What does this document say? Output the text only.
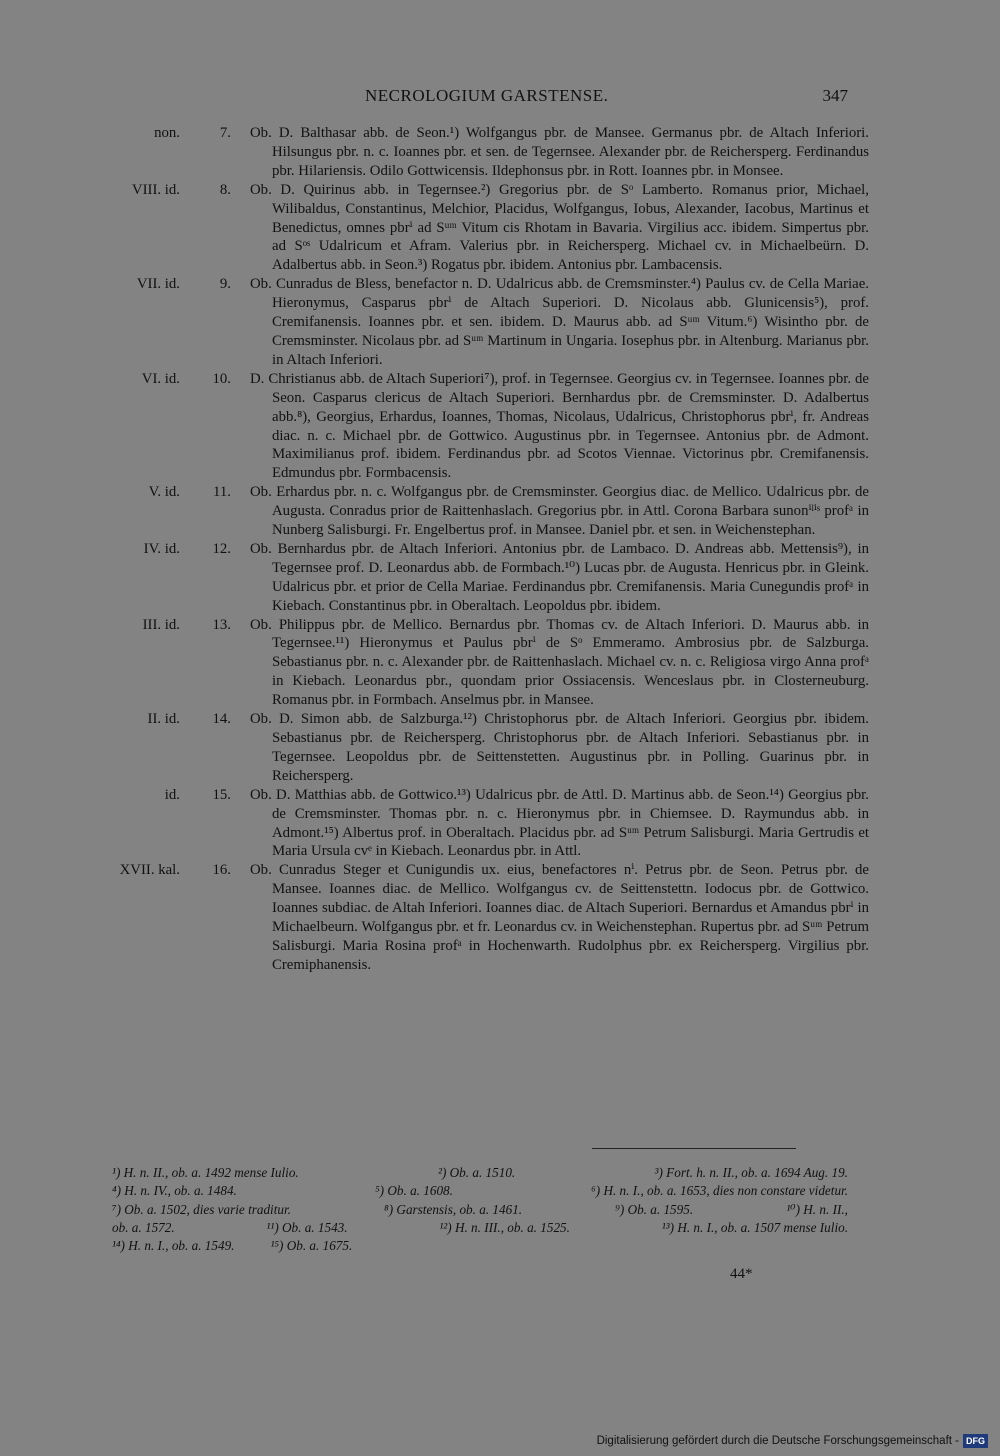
NECROLOGIUM GARSTENSE.	347
non.	7. Ob. D. Balthasar abb. de Seon.¹) Wolfgangus pbr. de Mansee. Germanus pbr. de Altach Inferiori. Hilsungus pbr. n. c. Ioannes pbr. et sen. de Tegernsee. Alexander pbr. de Reichersperg. Ferdinandus pbr. Hilariensis. Odilo Gottwicensis. Ildephonsus pbr. in Rott. Ioannes pbr. in Monsee.
VIII. id.	8. Ob. D. Quirinus abb. in Tegernsee.²) Gregorius pbr. de Sᵒ Lamberto. Romanus prior, Michael, Wilibaldus, Constantinus, Melchior, Placidus, Wolfgangus, Iobus, Alexander, Iacobus, Martinus et Benedictus, omnes pbrⁱ ad Sᵘᵐ Vitum cis Rhotam in Bavaria. Virgilius acc. ibidem. Simpertus pbr. ad Sᵒˢ Udalricum et Afram. Valerius pbr. in Reichersperg. Michael cv. in Michaelbeürn. D. Adalbertus abb. in Seon.³) Rogatus pbr. ibidem. Antonius pbr. Lambacensis.
VII. id.	9. Ob. Cunradus de Bless, benefactor n. D. Udalricus abb. de Cremsminster.⁴) Paulus cv. de Cella Mariae. Hieronymus, Casparus pbrⁱ de Altach Superiori. D. Nicolaus abb. Glunicensis⁵), prof. Cremifanensis. Ioannes pbr. et sen. ibidem. D. Maurus abb. ad Sᵘᵐ Vitum.⁶) Wisintho pbr. de Cremsminster. Nicolaus pbr. ad Sᵘᵐ Martinum in Ungaria. Iosephus pbr. in Altenburg. Marianus pbr. in Altach Inferiori.
VI. id.	10. D. Christianus abb. de Altach Superiori⁷), prof. in Tegernsee. Georgius cv. in Tegernsee. Ioannes pbr. de Seon. Casparus clericus de Altach Superiori. Bernhardus pbr. de Cremsminster. D. Adalbertus abb.⁸), Georgius, Erhardus, Ioannes, Thomas, Nicolaus, Udalricus, Christophorus pbrⁱ, fr. Andreas diac. n. c. Michael pbr. de Gottwico. Augustinus pbr. in Tegernsee. Antonius pbr. de Admont. Maximilianus prof. ibidem. Ferdinandus pbr. ad Scotos Viennae. Victorinus pbr. Cremifanensis. Edmundus pbr. Formbacensis.
V. id.	11. Ob. Erhardus pbr. n. c. Wolfgangus pbr. de Cremsminster. Georgius diac. de Mellico. Udalricus pbr. de Augusta. Conradus prior de Raittenhaslach. Gregorius pbr. in Attl. Corona Barbara sunonⁱˡⁱˢ profᵃ in Nunberg Salisburgi. Fr. Engelbertus prof. in Mansee. Daniel pbr. et sen. in Weichenstephan.
IV. id.	12. Ob. Bernhardus pbr. de Altach Inferiori. Antonius pbr. de Lambaco. D. Andreas abb. Mettensis⁹), in Tegernsee prof. D. Leonardus abb. de Formbach.¹⁰) Lucas pbr. de Augusta. Henricus pbr. in Gleink. Udalricus pbr. et prior de Cella Mariae. Ferdinandus pbr. Cremifanensis. Maria Cunegundis profᵃ in Kiebach. Constantinus pbr. in Oberaltach. Leopoldus pbr. ibidem.
III. id.	13. Ob. Philippus pbr. de Mellico. Bernardus pbr. Thomas cv. de Altach Inferiori. D. Maurus abb. in Tegernsee.¹¹) Hieronymus et Paulus pbrⁱ de Sᵒ Emmeramo. Ambrosius pbr. de Salzburga. Sebastianus pbr. n. c. Alexander pbr. de Raittenhaslach. Michael cv. n. c. Religiosa virgo Anna profᵃ in Kiebach. Leonardus pbr., quondam prior Ossiacensis. Wenceslaus pbr. in Closterneuburg. Romanus pbr. in Formbach. Anselmus pbr. in Mansee.
II. id.	14. Ob. D. Simon abb. de Salzburga.¹²) Christophorus pbr. de Altach Inferiori. Georgius pbr. ibidem. Sebastianus pbr. de Reichersperg. Christophorus pbr. de Altach Inferiori. Sebastianus pbr. in Tegernsee. Leopoldus pbr. de Seittenstetten. Augustinus pbr. in Polling. Guarinus pbr. in Reichersperg.
id.	15. Ob. D. Matthias abb. de Gottwico.¹³) Udalricus pbr. de Attl. D. Martinus abb. de Seon.¹⁴) Georgius pbr. de Cremsminster. Thomas pbr. n. c. Hieronymus pbr. in Chiemsee. D. Raymundus abb. in Admont.¹⁵) Albertus prof. in Oberaltach. Placidus pbr. ad Sᵘᵐ Petrum Salisburgi. Maria Gertrudis et Maria Ursula cvᵉ in Kiebach. Leonardus pbr. in Attl.
XVII. kal.	16. Ob. Cunradus Steger et Cunigundis ux. eius, benefactores nⁱ. Petrus pbr. de Seon. Petrus pbr. de Mansee. Ioannes diac. de Mellico. Wolfgangus cv. de Seittenstettn. Iodocus pbr. de Gottwico. Ioannes subdiac. de Altah Inferiori. Ioannes diac. de Altach Superiori. Bernardus et Amandus pbrⁱ in Michaelbeurn. Wolfgangus pbr. et fr. Leonardus cv. in Weichenstephan. Rupertus pbr. ad Sᵘᵐ Petrum Salisburgi. Maria Rosina profᵃ in Hochenwarth. Rudolphus pbr. ex Reichersperg. Virgilius pbr. Cremiphanensis.
¹) H. n. II., ob. a. 1492 mense Iulio.	²) Ob. a. 1510.	³) Fort. h. n. II., ob. a. 1694 Aug. 19.
⁴) H. n. IV., ob. a. 1484.	⁵) Ob. a. 1608.	⁶) H. n. I., ob. a. 1653, dies non constare videtur.
⁷) Ob. a. 1502, dies varie traditur.	⁸) Garstensis, ob. a. 1461.	⁹) Ob. a. 1595.	¹⁰) H. n. II.,
ob. a. 1572.	¹¹) Ob. a. 1543.	¹²) H. n. III., ob. a. 1525.	¹³) H. n. I., ob. a. 1507 mense Iulio.
¹⁴) H. n. I., ob. a. 1549.	¹⁵) Ob. a. 1675.
44*
Digitalisierung gefördert durch die Deutsche Forschungsgemeinschaft - DFG
